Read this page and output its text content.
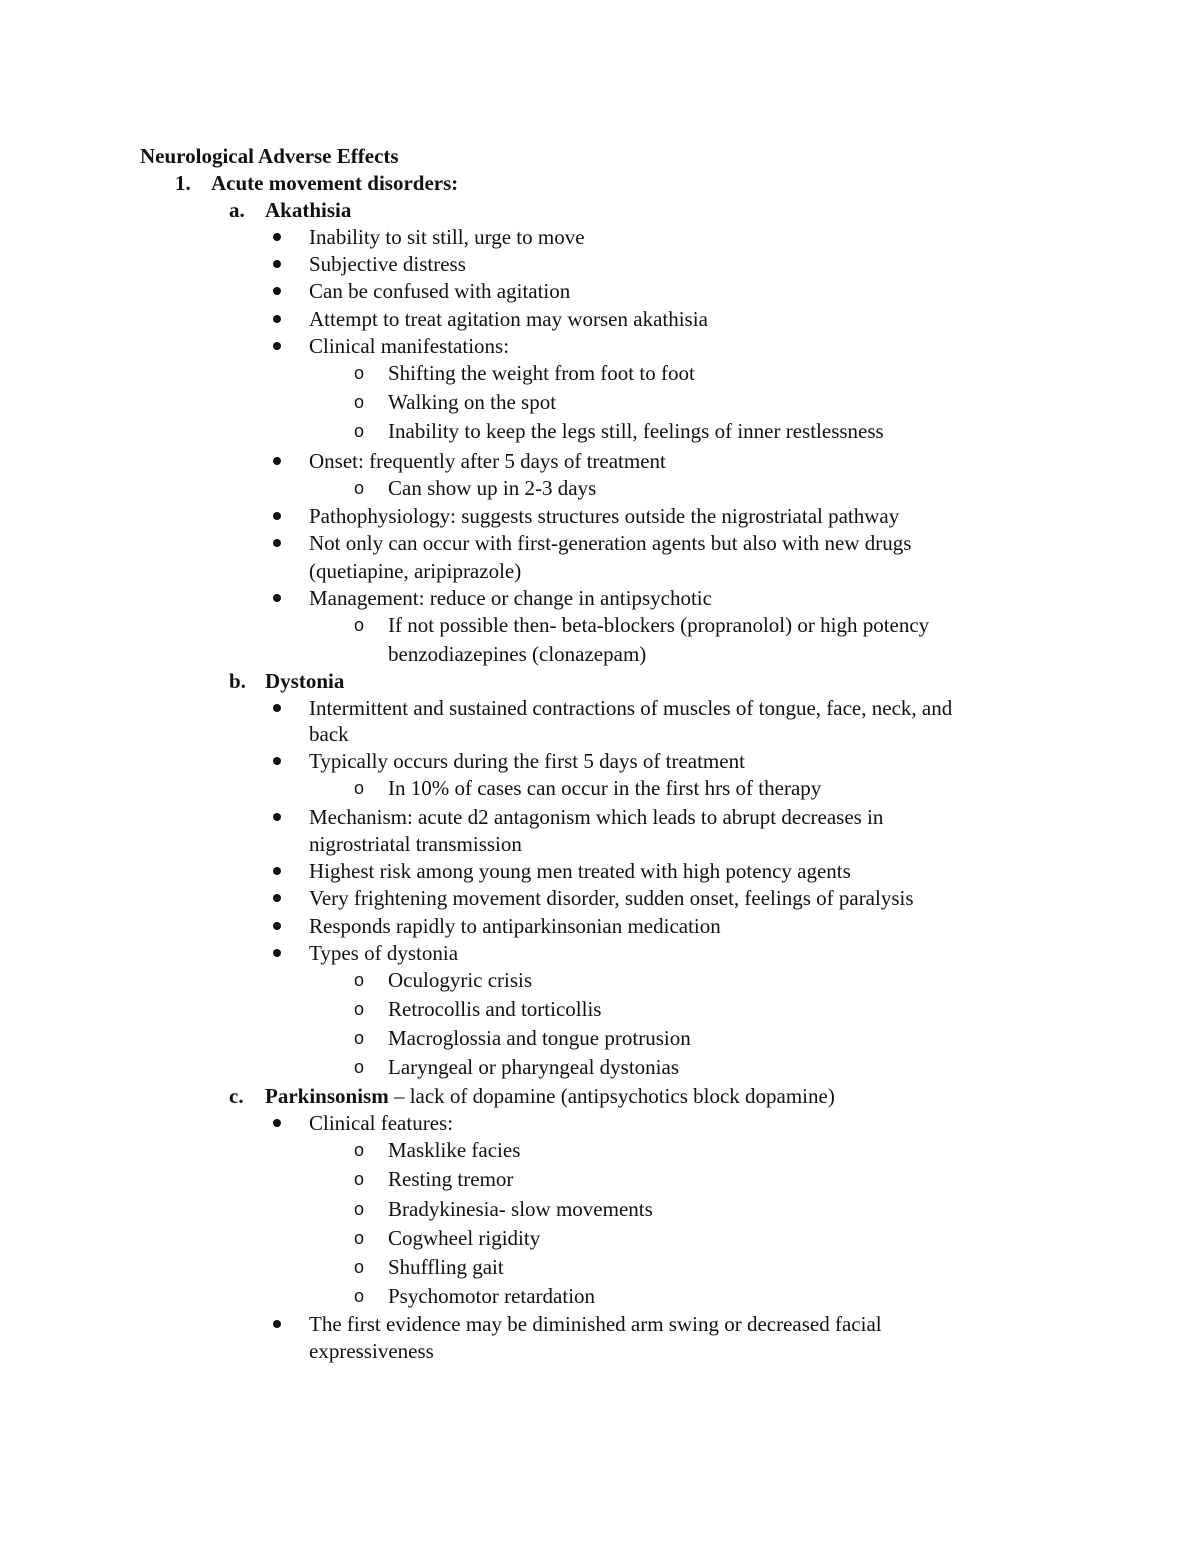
Neurological Adverse Effects
1. Acute movement disorders:
a. Akathisia
Inability to sit still, urge to move
Subjective distress
Can be confused with agitation
Attempt to treat agitation may worsen akathisia
Clinical manifestations:
o Shifting the weight from foot to foot
o Walking on the spot
o Inability to keep the legs still, feelings of inner restlessness
Onset: frequently after 5 days of treatment
o Can show up in 2-3 days
Pathophysiology: suggests structures outside the nigrostriatal pathway
Not only can occur with first-generation agents but also with new drugs
(quetiapine, aripiprazole)
Management: reduce or change in antipsychotic
o If not possible then- beta-blockers (propranolol) or high potency
benzodiazepines (clonazepam)
b. Dystonia
Intermittent and sustained contractions of muscles of tongue, face, neck, and
back
Typically occurs during the first 5 days of treatment
o In 10% of cases can occur in the first hrs of therapy
Mechanism: acute d2 antagonism which leads to abrupt decreases in
nigrostriatal transmission
Highest risk among young men treated with high potency agents
Very frightening movement disorder, sudden onset, feelings of paralysis
Responds rapidly to antiparkinsonian medication
Types of dystonia
o Oculogyric crisis
o Retrocollis and torticollis
o Macroglossia and tongue protrusion
o Laryngeal or pharyngeal dystonias
c. Parkinsonism – lack of dopamine (antipsychotics block dopamine)
Clinical features:
o Masklike facies
o Resting tremor
o Bradykinesia- slow movements
o Cogwheel rigidity
o Shuffling gait
o Psychomotor retardation
The first evidence may be diminished arm swing or decreased facial
expressiveness
